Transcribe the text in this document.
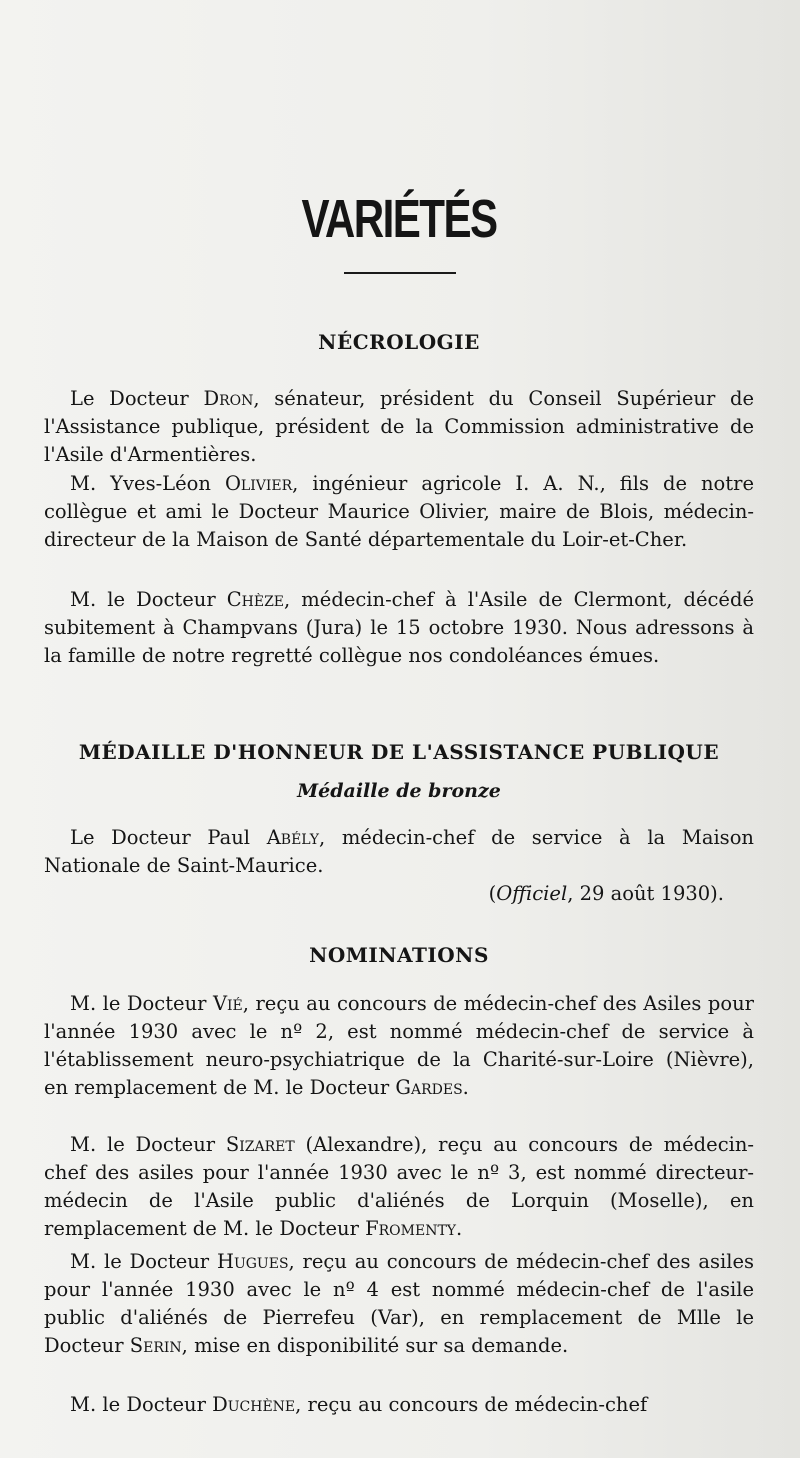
VARIÉTÉS
NÉCROLOGIE

Le Docteur Dron, sénateur, président du Conseil Supérieur de l'Assistance publique, président de la Commission administrative de l'Asile d'Armentières.

M. Yves-Léon Olivier, ingénieur agricole I. A. N., fils de notre collègue et ami le Docteur Maurice Olivier, maire de Blois, médecin-directeur de la Maison de Santé départementale du Loir-et-Cher.

M. le Docteur Chèze, médecin-chef à l'Asile de Clermont, décédé subitement à Champvans (Jura) le 15 octobre 1930. Nous adressons à la famille de notre regretté collègue nos condoléances émues.

MÉDAILLE D'HONNEUR DE L'ASSISTANCE PUBLIQUE

Médaille de bronze

Le Docteur Paul Abély, médecin-chef de service à la Maison Nationale de Saint-Maurice.

(Officiel, 29 août 1930).

NOMINATIONS

M. le Docteur Vié, reçu au concours de médecin-chef des Asiles pour l'année 1930 avec le nº 2, est nommé médecin-chef de service à l'établissement neuro-psychiatrique de la Charité-sur-Loire (Nièvre), en remplacement de M. le Docteur Gardes.

M. le Docteur Sizaret (Alexandre), reçu au concours de médecin-chef des asiles pour l'année 1930 avec le nº 3, est nommé directeur-médecin de l'Asile public d'aliénés de Lorquin (Moselle), en remplacement de M. le Docteur Fromenty.

M. le Docteur Hugues, reçu au concours de médecin-chef des asiles pour l'année 1930 avec le nº 4 est nommé médecin-chef de l'asile public d'aliénés de Pierrefeu (Var), en remplacement de Mlle le Docteur Serin, mise en disponibilité sur sa demande.

M. le Docteur Duchène, reçu au concours de médecin-chef
